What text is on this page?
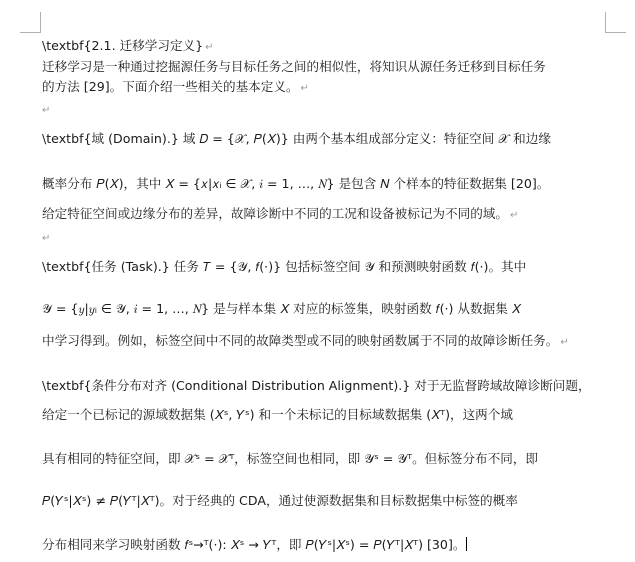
\textbf{2.1. 迁移学习定义} ↵
迁移学习是一种通过挖掘源任务与目标任务之间的相似性，将知识从源任务迁移到目标任务
的方法 [29]。下面介绍一些相关的基本定义。 ↵
↵
\textbf{域 (Domain).} 域 𝐷 = {𝒳, 𝑃(𝑋)} 由两个基本组成部分定义：特征空间 𝒳 和边缘
概率分布 𝑃(𝑋)，其中 𝑋 = {𝑥|𝑥ᵢ ∈ 𝒳, 𝑖 = 1, …, 𝑁} 是包含 𝑁 个样本的特征数据集 [20]。
给定特征空间或边缘分布的差异，故障诊断中不同的工况和设备被标记为不同的域。 ↵
↵
\textbf{任务 (Task).} 任务 𝑇 = {𝒴, 𝑓(·)} 包括标签空间 𝒴 和预测映射函数 𝑓(·)。其中
𝒴 = {𝑦|𝑦ᵢ ∈ 𝒴, 𝑖 = 1, …, 𝑁} 是与样本集 𝑋 对应的标签集，映射函数 𝑓(·) 从数据集 𝑋
中学习得到。例如，标签空间中不同的故障类型或不同的映射函数属于不同的故障诊断任务。 ↵
\textbf{条件分布对齐 (Conditional Distribution Alignment).} 对于无监督跨域故障诊断问题，
给定一个已标记的源域数据集 (𝑋ˢ, 𝑌ˢ) 和一个未标记的目标域数据集 (𝑋ᵀ)，这两个域
具有相同的特征空间，即 𝒳ˢ = 𝒳ᵀ，标签空间也相同，即 𝒴ˢ = 𝒴ᵀ。但标签分布不同，即
𝑃(𝑌ˢ|𝑋ˢ) ≠ 𝑃(𝑌ᵀ|𝑋ᵀ)。对于经典的 CDA，通过使源数据集和目标数据集中标签的概率
分布相同来学习映射函数 𝑓ˢ→ᵀ(·): 𝑋ˢ → 𝑌ᵀ，即 𝑃(𝑌ˢ|𝑋ˢ) = 𝑃(𝑌ᵀ|𝑋ᵀ) [30]。
